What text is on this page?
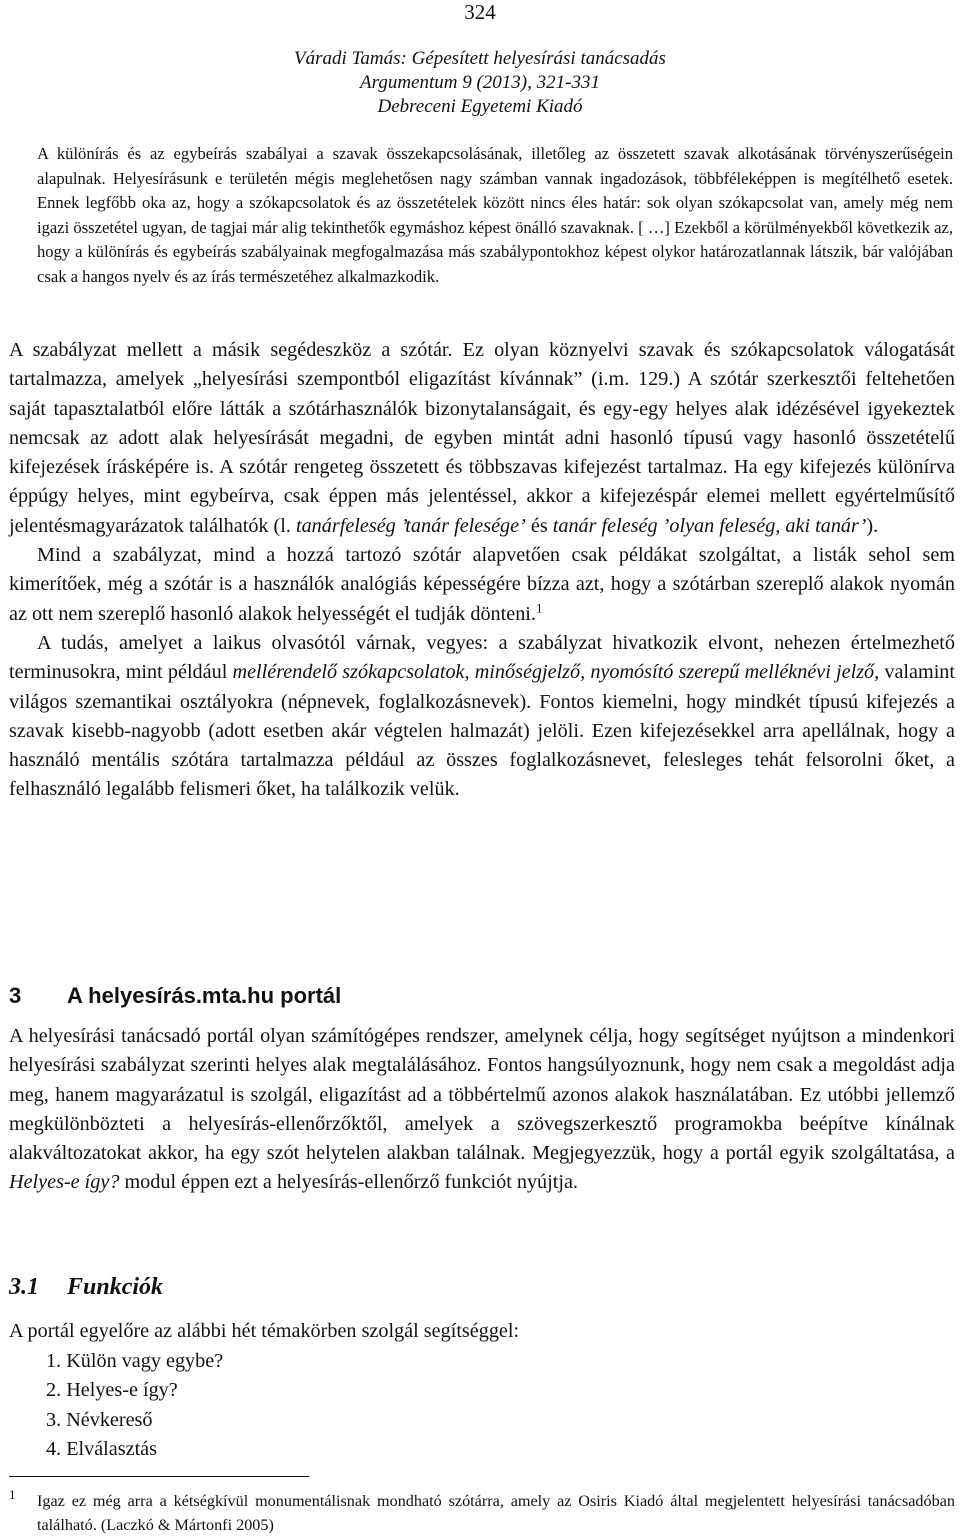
324
Váradi Tamás: Gépesített helyesírási tanácsadás
Argumentum 9 (2013), 321-331
Debreceni Egyetemi Kiadó
A különírás és az egybeírás szabályai a szavak összekapcsolásának, illetőleg az összetett szavak alkotásának törvényszerűségein alapulnak. Helyesírásunk e területén mégis meglehetősen nagy számban vannak ingadozások, többféleképpen is megítélhető esetek. Ennek legfőbb oka az, hogy a szókapcsolatok és az összetételek között nincs éles határ: sok olyan szókapcsolat van, amely még nem igazi összetétel ugyan, de tagjai már alig tekinthetők egymáshoz képest önálló szavaknak. [ …] Ezekből a körülményekből következik az, hogy a különírás és egybeírás szabályainak megfogalmazása más szabálypontokhoz képest olykor határozatlannak látszik, bár valójában csak a hangos nyelv és az írás természetéhez alkalmazkodik.

A szabályzat mellett a másik segédeszköz a szótár. Ez olyan köznyelvi szavak és szókapcsolatok válogatását tartalmazza, amelyek „helyesírási szempontból eligazítást kívánnak” (i.m. 129.) A szótár szerkesztői feltehetően saját tapasztalatból előre látták a szótárhasználók bizonytalanságait, és egy-egy helyes alak idézésével igyekeztek nemcsak az adott alak helyesírását megadni, de egyben mintát adni hasonló típusú vagy hasonló összetételű kifejezések írásképére is. A szótár rengeteg összetett és többszavas kifejezést tartalmaz. Ha egy kifejezés különírva éppúgy helyes, mint egybeírva, csak éppen más jelentéssel, akkor a kifejezéspár elemei mellett egyértelműsítő jelentésmagyarázatok találhatók (l. tanárfeleség ’tanár felesége’ és tanár feleség ’olyan feleség, aki tanár’).

Mind a szabályzat, mind a hozzá tartozó szótár alapvetően csak példákat szolgáltat, a listák sehol sem kimerítőek, még a szótár is a használók analógiás képességére bízza azt, hogy a szótárban szereplő alakok nyomán az ott nem szereplő hasonló alakok helyességét el tudják dönteni.$^1$

A tudás, amelyet a laikus olvasótól várnak, vegyes: a szabályzat hivatkozik elvont, nehezen értelmezhető terminusokra, mint például mellérendelő szókapcsolatok, minőségjelző, nyomósító szerepű melléknévi jelző, valamint világos szemantikai osztályokra (népnevek, foglalkozásnevek). Fontos kiemelni, hogy mindkét típusú kifejezés a szavak kisebb-nagyobb (adott esetben akár végtelen halmazát) jelöli. Ezen kifejezésekkel arra apellálnak, hogy a használó mentális szótára tartalmazza például az összes foglalkozásnevet, felesleges tehát felsorolni őket, a felhasználó legalább felismeri őket, ha találkozik velük.

3 A helyesírás.mta.hu portál

A helyesírási tanácsadó portál olyan számítógépes rendszer, amelynek célja, hogy segítséget nyújtson a mindenkori helyesírási szabályzat szerinti helyes alak megtalálásához. Fontos hangsúlyoznunk, hogy nem csak a megoldást adja meg, hanem magyarázatul is szolgál, eligazítást ad a többértelmű azonos alakok használatában. Ez utóbbi jellemző megkülönbözteti a helyesírás-ellenőrzőktől, amelyek a szövegszerkesztő programokba beépítve kínálnak alakváltozatokat akkor, ha egy szót helytelen alakban találnak. Megjegyezzük, hogy a portál egyik szolgáltatása, a Helyes-e így? modul éppen ezt a helyesírás-ellenőrző funkciót nyújtja.

3.1 Funkciók
A portál egyelőre az alábbi hét témakörben szolgál segítséggel:
1. Külön vagy egybe?
2. Helyes-e így?
3. Névkereső
4. Elválasztás
1	Igaz ez még arra a kétségkívül monumentálisnak mondható szótárra, amely az Osiris Kiadó által megjelentett helyesírási tanácsadóban található. (Laczkó & Mártonfi 2005)
